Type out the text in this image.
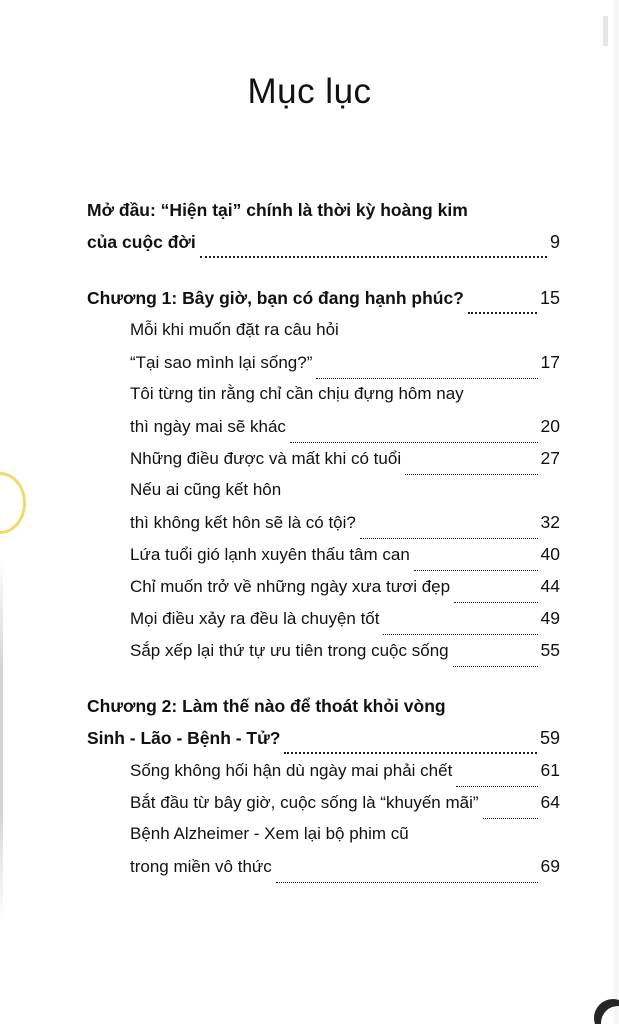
Mục lục
Mở đầu: “Hiện tại” chính là thời kỳ hoàng kim
của cuộc đời	9
Chương 1: Bây giờ, bạn có đang hạnh phúc?	15
Mỗi khi muốn đặt ra câu hỏi
“Tại sao mình lại sống?”	17
Tôi từng tin rằng chỉ cần chịu đựng hôm nay
thì ngày mai sẽ khác	20
Những điều được và mất khi có tuổi	27
Nếu ai cũng kết hôn
thì không kết hôn sẽ là có tội?	32
Lứa tuổi gió lạnh xuyên thấu tâm can	40
Chỉ muốn trở về những ngày xưa tươi đẹp	44
Mọi điều xảy ra đều là chuyện tốt	49
Sắp xếp lại thứ tự ưu tiên trong cuộc sống	55
Chương 2: Làm thế nào để thoát khỏi vòng
Sinh - Lão - Bệnh - Tử?	59
Sống không hối hận dù ngày mai phải chết	61
Bắt đầu từ bây giờ, cuộc sống là “khuyến mãi”	64
Bệnh Alzheimer - Xem lại bộ phim cũ
trong miền vô thức	69
